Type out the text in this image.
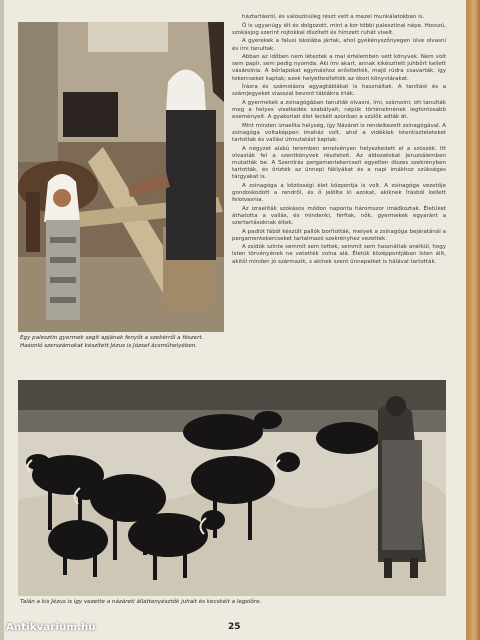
Egy palesztin gyermek segít apjának fenyőt a szekérről a fészert. Hasonló szerszámokat készített Jézus is József ácsműhelyében.

háztartásról, és valószínűleg részt vett a mezei munkálatokban is.

Ő is ugyanúgy élt és dolgozott, mint a kor többi palesztinai népe. Hosszú, szokásjog szerint rojtokkal díszített és hímzett ruhát viselt.

A gyerekek a falusi iskolába jártak, ahol gyékényszőnyegen ülve olvasni és írni tanultak.

Abban az időben nem léteztek a mai értelemben vett könyvek. Nem volt sem papír, sem pedig nyomda. Aki írni akart, annak kikészített juhbőrt kellett vásárolnia. A bőrlapokat egymáshoz erősítették, majd rúdra csavarták, így tekercseket kaptak; ezek helyettesítették az ókori könyvtárakat.

Írásra és számolásra agyagtáblákat is használtak. A tanítást és a számjegyeket viasszal bevont táblákra írták.

A gyermekek a zsinagógában tanulták olvasni, írni, számolni; ott tanulták meg a helyes viselkedés szabályait, népük történelmének legfontosabb eseményeit. A gyakorlati élet leckéit azonban a szülők adták át.

Mint minden izraelita helység, így Názáret is rendelkezett zsinagógával. A zsinagóga voltaképpen imaház volt, ahol a vidékiek istentiszteleteket tartottak és vallási útmutatást kaptak.

A négyzet alakú teremben emelvényen helyezkedett el a szószék. Itt olvasták fel a szentkönyvek részleteit. Az áldozatokat Jeruzsálemben mutatták be. A Szentírás pergamentekercseit egyetlen díszes szekrényben tartották, és őrizték az ünnepi fáklyákat és a napi imákhoz szükséges tárgyakat is.

A zsinagóga a közösségi élet központja is volt. A zsinagóga vezetője gondoskodott a rendről, és ő jelölte ki azokat, akiknek Írásból kellett felolvasnia.

Az izraeliták szokásos módon naponta háromszor imádkoztak. Életüket áthatotta a vallás, és mindenki, férfiak, nők, gyermekek egyaránt a szertartásoknak éltek.

A padlót fából készült pallók borították, melyek a zsinagóga bejáratánál a pergamentekercseket tartalmazó szekrényhez vezettek.

A zsidók szinte semmit sem tettek, semmit sem használtak anélkül, hogy Isten törvényének ne vetették volna alá. Életük középpontjában Isten állt, akitől minden jó származik, s akinek szent ünnepeiket is hálával tartották.

Talán a kis Jézus is így vezette a názáreti állattenyésztők juhait és kecskéit a legelőre.

25

Antikvarium.hu
